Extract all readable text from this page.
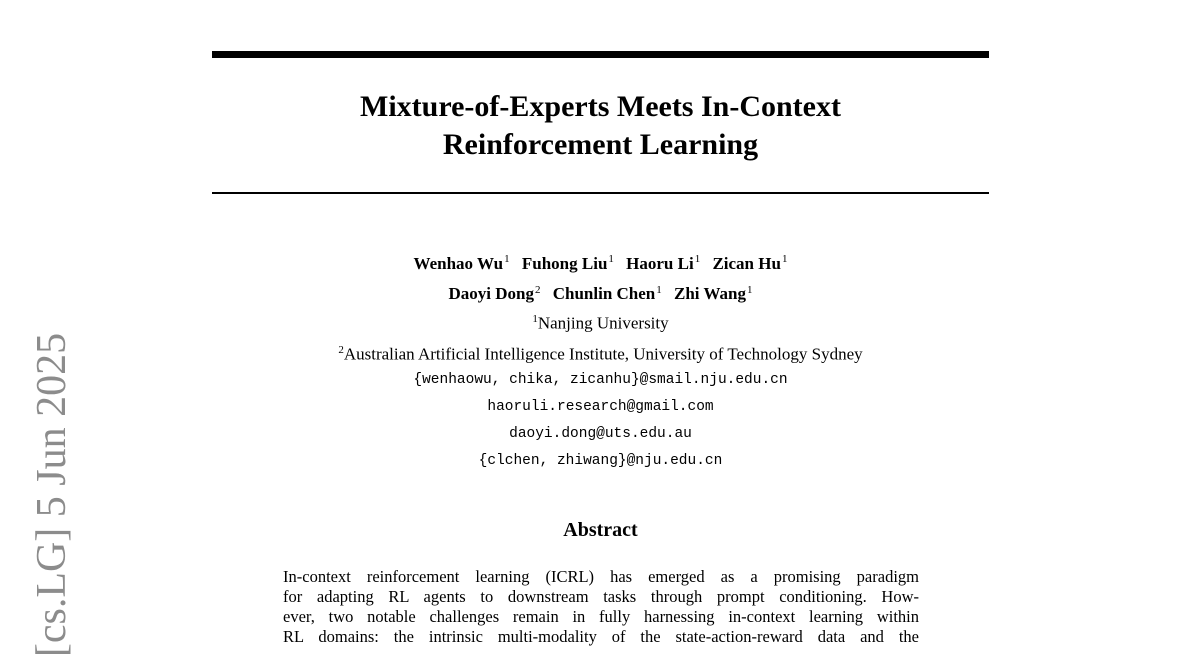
[cs.LG] 5 Jun 2025
Mixture-of-Experts Meets In-Context
Reinforcement Learning
Wenhao Wu$^1$ Fuhong Liu$^1$ Haoru Li$^1$ Zican Hu$^1$
Daoyi Dong$^2$ Chunlin Chen$^1$ Zhi Wang$^1$
$^1$Nanjing University
$^2$Australian Artificial Intelligence Institute, University of Technology Sydney
{wenhaowu, chika, zicanhu}@smail.nju.edu.cn
haoruli.research@gmail.com
daoyi.dong@uts.edu.au
{clchen, zhiwang}@nju.edu.cn
Abstract
In-context reinforcement learning (ICRL) has emerged as a promising paradigm
for adapting RL agents to downstream tasks through prompt conditioning. How-
ever, two notable challenges remain in fully harnessing in-context learning within
RL domains: the intrinsic multi-modality of the state-action-reward data and the
